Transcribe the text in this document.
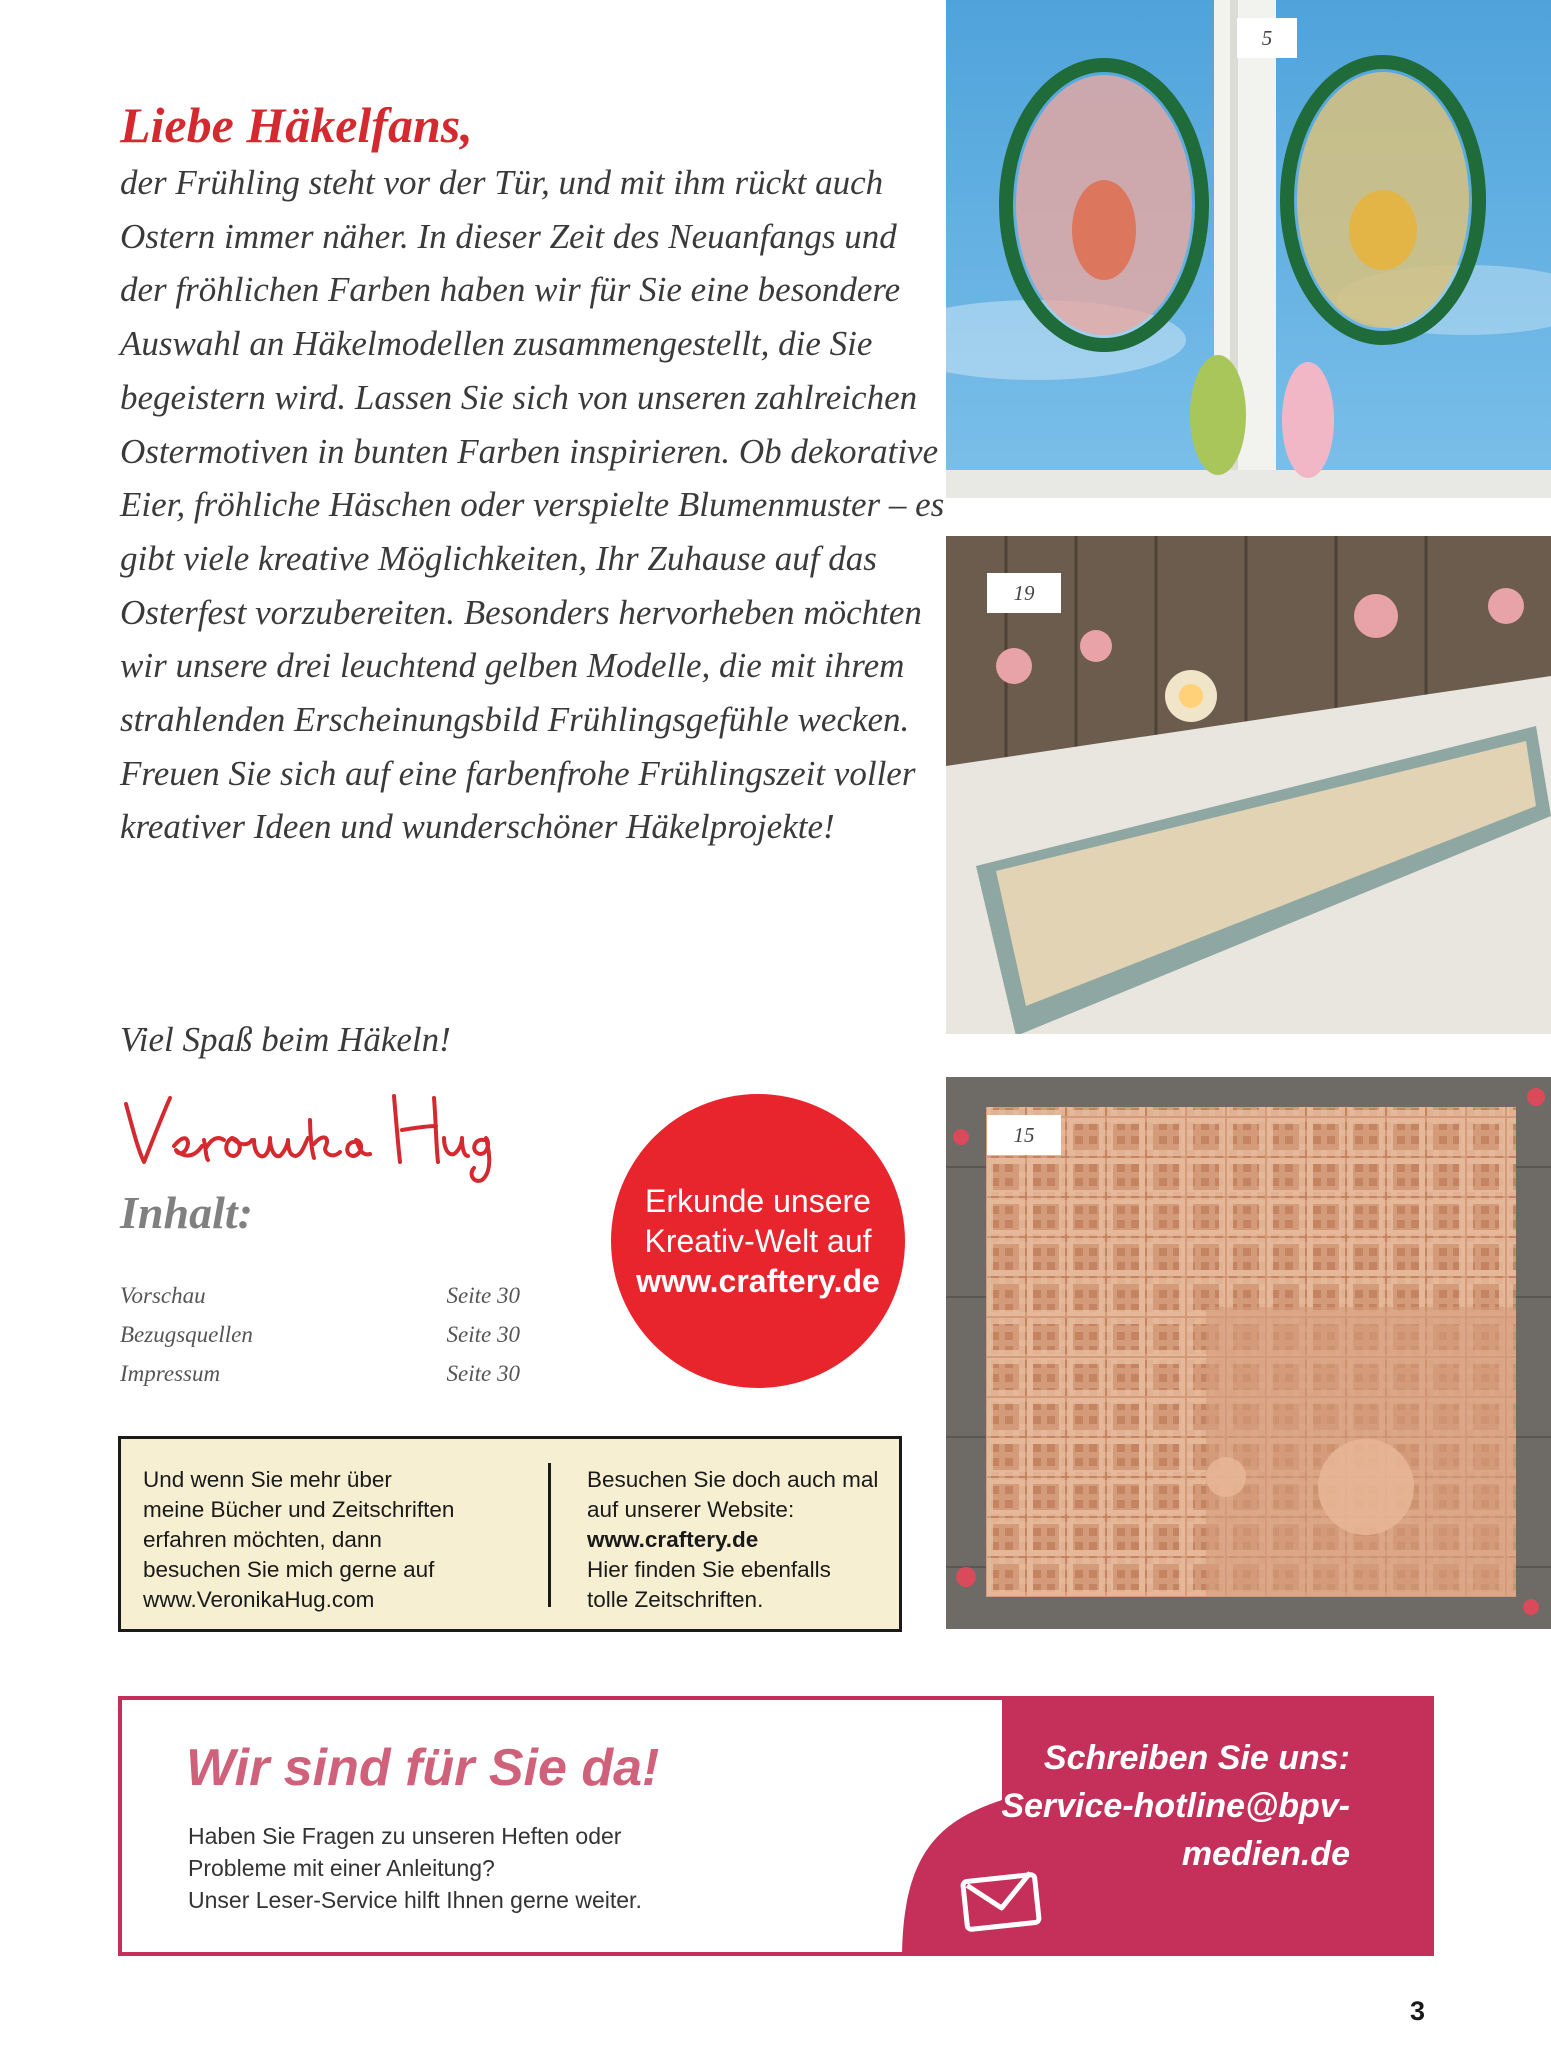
Liebe Häkelfans,

der Frühling steht vor der Tür, und mit ihm rückt auch Ostern immer näher. In dieser Zeit des Neuanfangs und der fröhlichen Farben haben wir für Sie eine besondere Auswahl an Häkelmodellen zusammengestellt, die Sie begeistern wird. Lassen Sie sich von unseren zahlreichen Ostermotiven in bunten Farben inspirieren. Ob dekorative Eier, fröhliche Häschen oder verspielte Blumenmuster – es gibt viele kreative Möglichkeiten, Ihr Zuhause auf das Osterfest vorzubereiten. Besonders hervorheben möchten wir unsere drei leuchtend gelben Modelle, die mit ihrem strahlenden Erscheinungsbild Frühlingsgefühle wecken. Freuen Sie sich auf eine farbenfrohe Frühlingszeit voller kreativer Ideen und wunderschöner Häkelprojekte!

Viel Spaß beim Häkeln!
Inhalt:
Vorschau	Seite 30
Bezugsquellen	Seite 30
Impressum	Seite 30
Erkunde unsere
Kreativ-Welt auf
www.craftery.de
Und wenn Sie mehr über
meine Bücher und Zeitschriften
erfahren möchten, dann
besuchen Sie mich gerne auf
www.VeronikaHug.com
Besuchen Sie doch auch mal
auf unserer Website:
www.craftery.de
Hier finden Sie ebenfalls
tolle Zeitschriften.
5
19
15
Wir sind für Sie da!
Haben Sie Fragen zu unseren Heften oder
Probleme mit einer Anleitung?
Unser Leser-Service hilft Ihnen gerne weiter.
Schreiben Sie uns:
Service-hotline@bpv-
medien.de
3
